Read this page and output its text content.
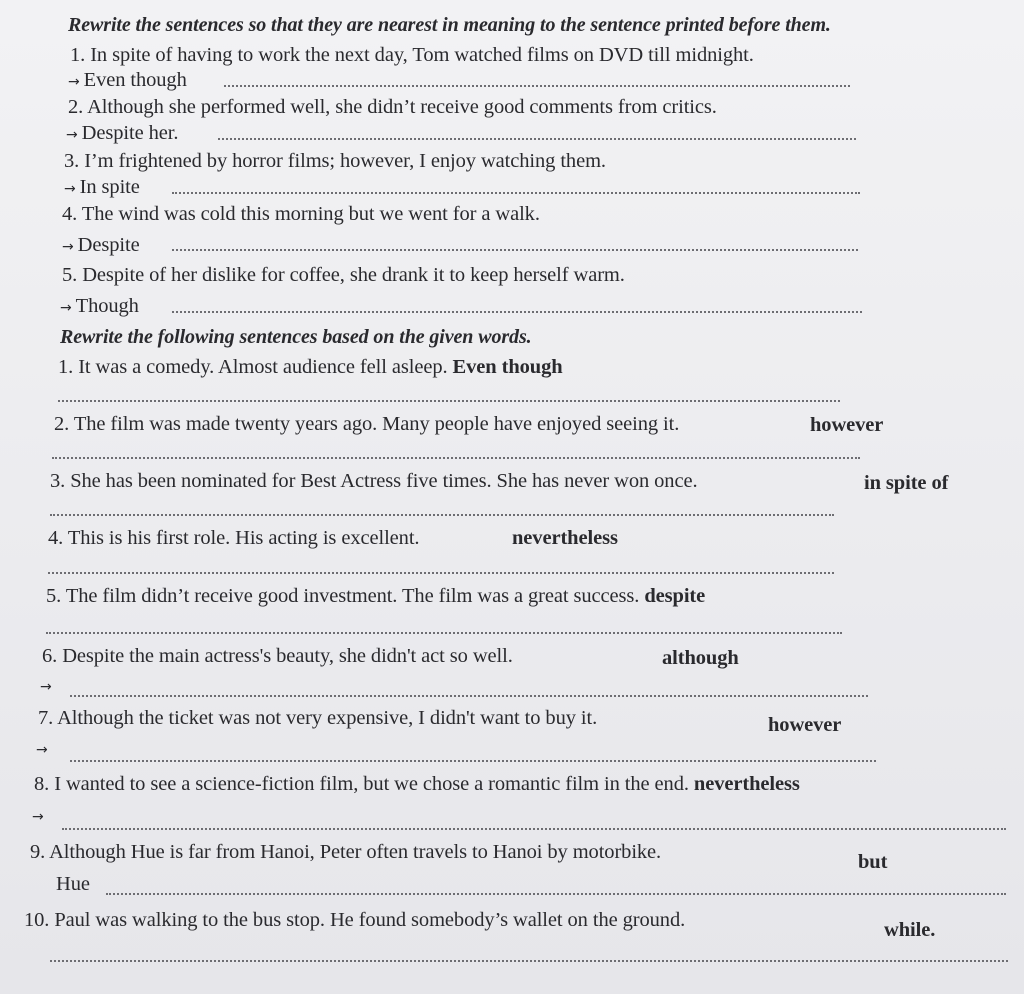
Rewrite the sentences so that they are nearest in meaning to the sentence printed before them.
1. In spite of having to work the next day, Tom watched films on DVD till midnight.
→ Even though
2. Although she performed well, she didn’t receive good comments from critics.
→ Despite her.
3. I’m frightened by horror films; however, I enjoy watching them.
→ In spite
4. The wind was cold this morning but we went for a walk.
→ Despite
5. Despite of her dislike for coffee, she drank it to keep herself warm.
→ Though
Rewrite the following sentences based on the given words.
1. It was a comedy. Almost audience fell asleep. Even though
2. The film was made twenty years ago. Many people have enjoyed seeing it.	however
3. She has been nominated for Best Actress five times. She has never won once.	in spite of
4. This is his first role. His acting is excellent.	nevertheless
5. The film didn’t receive good investment. The film was a great success. despite
6. Despite the main actress's beauty, she didn't act so well.	although
→
7. Although the ticket was not very expensive, I didn't want to buy it.	however
→
8. I wanted to see a science-fiction film, but we chose a romantic film in the end. nevertheless
→
9. Although Hue is far from Hanoi, Peter often travels to Hanoi by motorbike.	but
Hue
10. Paul was walking to the bus stop. He found somebody’s wallet on the ground.	while.
